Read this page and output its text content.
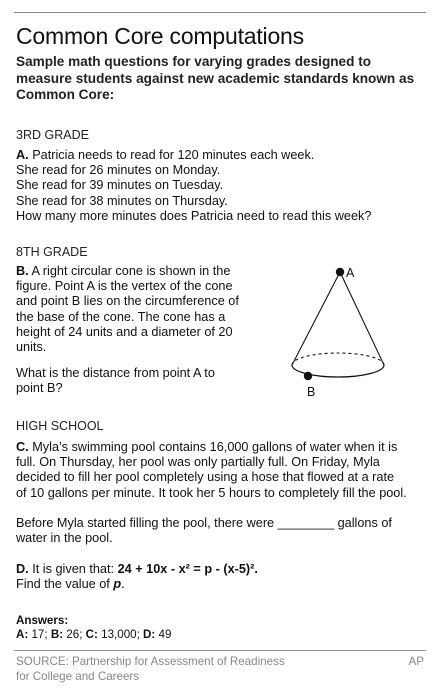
Common Core computations
Sample math questions for varying grades designed to measure students against new academic standards known as Common Core:
3RD GRADE
A. Patricia needs to read for 120 minutes each week.
She read for 26 minutes on Monday.
She read for 39 minutes on Tuesday.
She read for 38 minutes on Thursday.
How many more minutes does Patricia need to read this week?
8TH GRADE
B. A right circular cone is shown in the
figure. Point A is the vertex of the cone
and point B lies on the circumference of
the base of the cone. The cone has a
height of 24 units and a diameter of 20
units.
What is the distance from point A to
point B?
A
B
HIGH SCHOOL
C. Myla’s swimming pool contains 16,000 gallons of water when it is
full. On Thursday, her pool was only partially full. On Friday, Myla
decided to fill her pool completely using a hose that flowed at a rate
of 10 gallons per minute. It took her 5 hours to completely fill the pool.
Before Myla started filling the pool, there were ________ gallons of
water in the pool.
D. It is given that: 24 + 10x - x² = p - (x-5)².
Find the value of p.
Answers:
A: 17; B: 26; C: 13,000; D: 49
SOURCE: Partnership for Assessment of Readiness
for College and Careers
AP
